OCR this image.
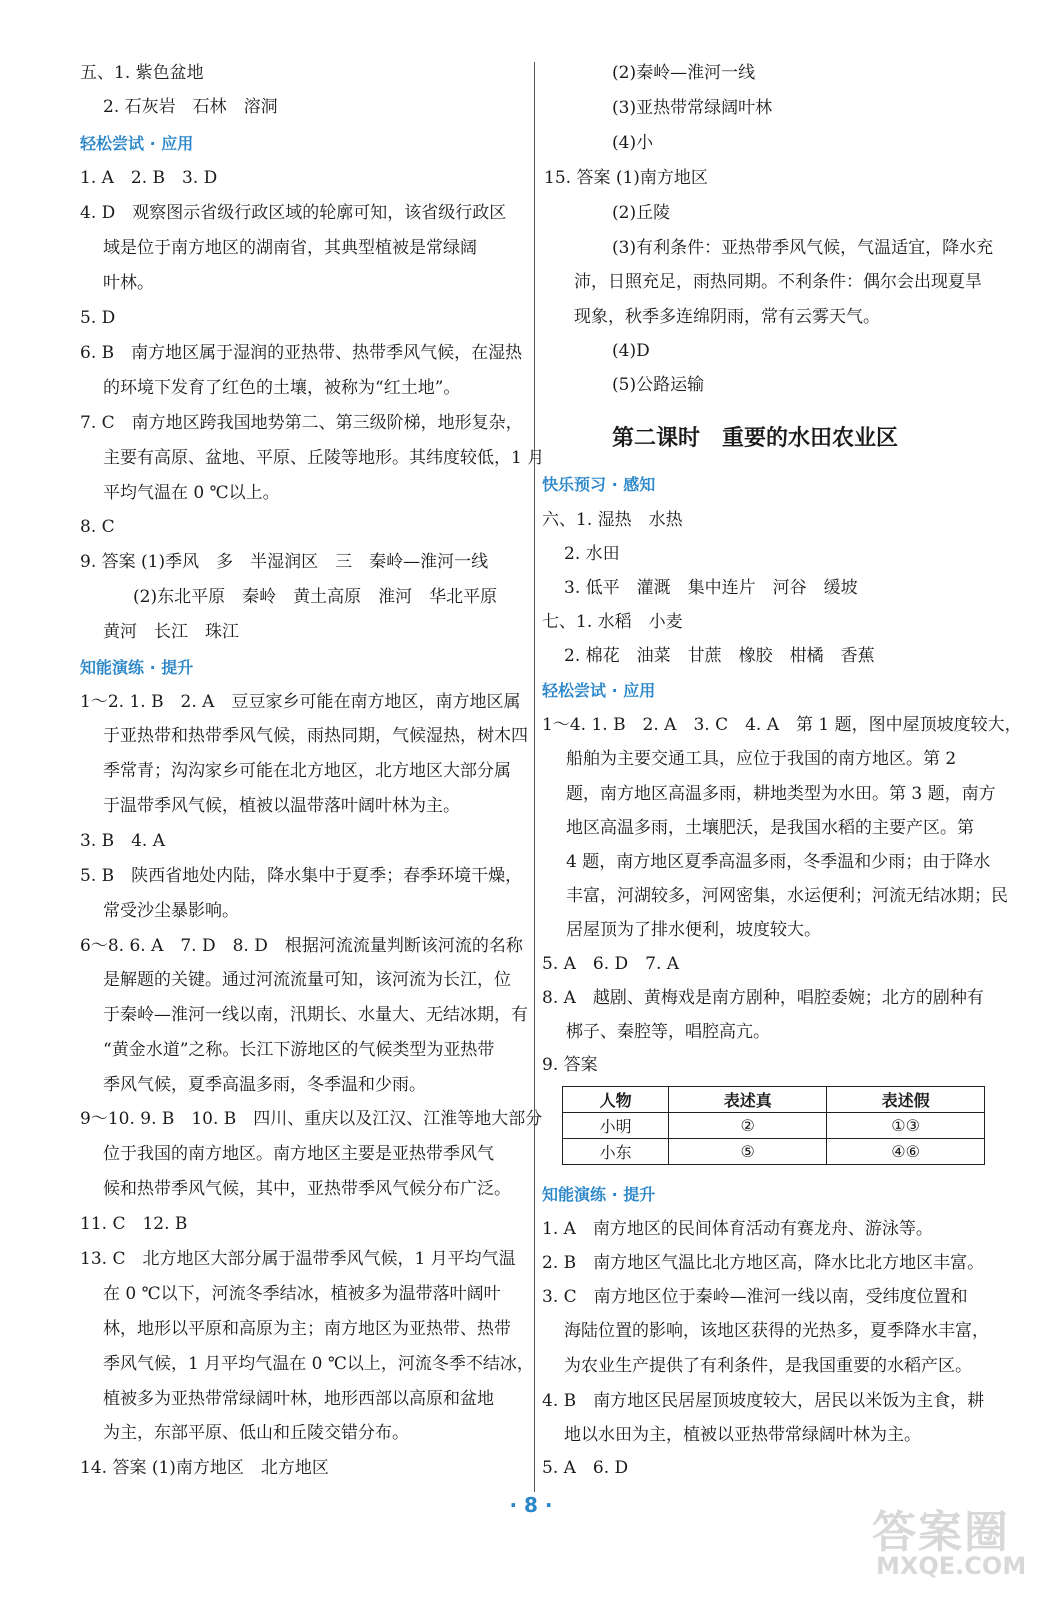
五、1. 紫色盆地
2. 石灰岩　石林　溶洞
轻松尝试 · 应用
1. A　2. B　3. D
4. D　观察图示省级行政区域的轮廓可知，该省级行政区
域是位于南方地区的湖南省，其典型植被是常绿阔
叶林。
5. D
6. B　南方地区属于湿润的亚热带、热带季风气候，在湿热
的环境下发育了红色的土壤，被称为“红土地”。
7. C　南方地区跨我国地势第二、第三级阶梯，地形复杂，
主要有高原、盆地、平原、丘陵等地形。其纬度较低，1 月
平均气温在 0 ℃以上。
8. C
9. 答案 (1)季风　多　半湿润区　三　秦岭—淮河一线
(2)东北平原　秦岭　黄土高原　淮河　华北平原
黄河　长江　珠江
知能演练 · 提升
1～2. 1. B　2. A　豆豆家乡可能在南方地区，南方地区属
于亚热带和热带季风气候，雨热同期，气候湿热，树木四
季常青；沟沟家乡可能在北方地区，北方地区大部分属
于温带季风气候，植被以温带落叶阔叶林为主。
3. B　4. A
5. B　陕西省地处内陆，降水集中于夏季；春季环境干燥，
常受沙尘暴影响。
6～8. 6. A　7. D　8. D　根据河流流量判断该河流的名称
是解题的关键。通过河流流量可知，该河流为长江，位
于秦岭—淮河一线以南，汛期长、水量大、无结冰期，有
“黄金水道”之称。长江下游地区的气候类型为亚热带
季风气候，夏季高温多雨，冬季温和少雨。
9～10. 9. B　10. B　四川、重庆以及江汉、江淮等地大部分
位于我国的南方地区。南方地区主要是亚热带季风气
候和热带季风气候，其中，亚热带季风气候分布广泛。
11. C　12. B
13. C　北方地区大部分属于温带季风气候，1 月平均气温
在 0 ℃以下，河流冬季结冰，植被多为温带落叶阔叶
林，地形以平原和高原为主；南方地区为亚热带、热带
季风气候，1 月平均气温在 0 ℃以上，河流冬季不结冰，
植被多为亚热带常绿阔叶林，地形西部以高原和盆地
为主，东部平原、低山和丘陵交错分布。
14. 答案 (1)南方地区　北方地区
(2)秦岭—淮河一线
(3)亚热带常绿阔叶林
(4)小
15. 答案 (1)南方地区
(2)丘陵
(3)有利条件：亚热带季风气候，气温适宜，降水充
沛，日照充足，雨热同期。不利条件：偶尔会出现夏旱
现象，秋季多连绵阴雨，常有云雾天气。
(4)D
(5)公路运输
第二课时　重要的水田农业区
快乐预习 · 感知
六、1. 湿热　水热
2. 水田
3. 低平　灌溉　集中连片　河谷　缓坡
七、1. 水稻　小麦
2. 棉花　油菜　甘蔗　橡胶　柑橘　香蕉
轻松尝试 · 应用
1～4. 1. B　2. A　3. C　4. A　第 1 题，图中屋顶坡度较大，
船舶为主要交通工具，应位于我国的南方地区。第 2
题，南方地区高温多雨，耕地类型为水田。第 3 题，南方
地区高温多雨，土壤肥沃，是我国水稻的主要产区。第
4 题，南方地区夏季高温多雨，冬季温和少雨；由于降水
丰富，河湖较多，河网密集，水运便利；河流无结冰期；民
居屋顶为了排水便利，坡度较大。
5. A　6. D　7. A
8. A　越剧、黄梅戏是南方剧种，唱腔委婉；北方的剧种有
梆子、秦腔等，唱腔高亢。
9. 答案
人物	表述真	表述假
小明	②	①③
小东	⑤	④⑥
知能演练 · 提升
1. A　南方地区的民间体育活动有赛龙舟、游泳等。
2. B　南方地区气温比北方地区高，降水比北方地区丰富。
3. C　南方地区位于秦岭—淮河一线以南，受纬度位置和
海陆位置的影响，该地区获得的光热多，夏季降水丰富，
为农业生产提供了有利条件，是我国重要的水稻产区。
4. B　南方地区民居屋顶坡度较大，居民以米饭为主食，耕
地以水田为主，植被以亚热带常绿阔叶林为主。
5. A　6. D
· 8 ·
答案圈
MXQE.COM
